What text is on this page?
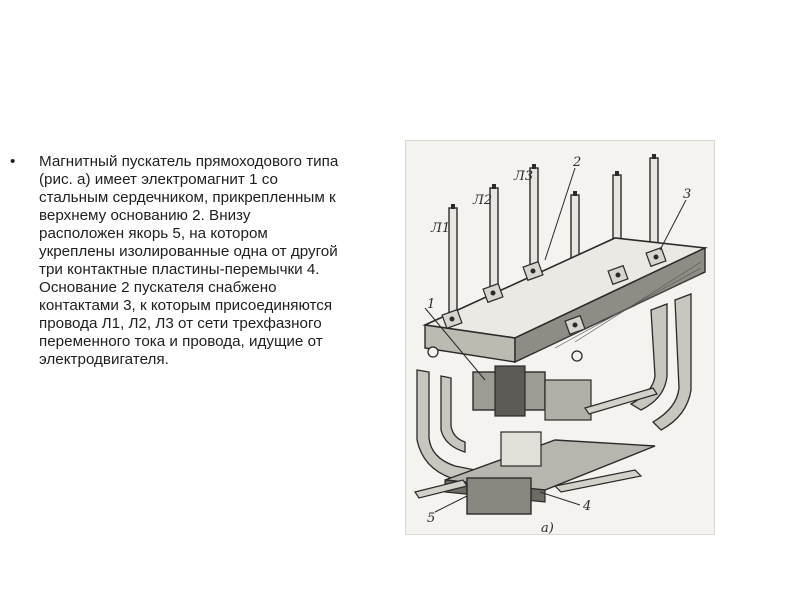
•	Магнитный пускатель прямоходового типа (рис. а) имеет электромагнит 1 со стальным сердечником, прикрепленным к верхнему основанию 2. Внизу расположен якорь 5, на котором укреплены изолированные одна от другой три контактные пластины-перемычки 4. Основание 2 пускателя снабжено контактами 3, к которым присоединяются провода Л1, Л2, Л3 от сети трехфазного переменного тока и провода, идущие от электродвигателя.
Л1
Л2
Л3
1
2
3
4
5
а)
